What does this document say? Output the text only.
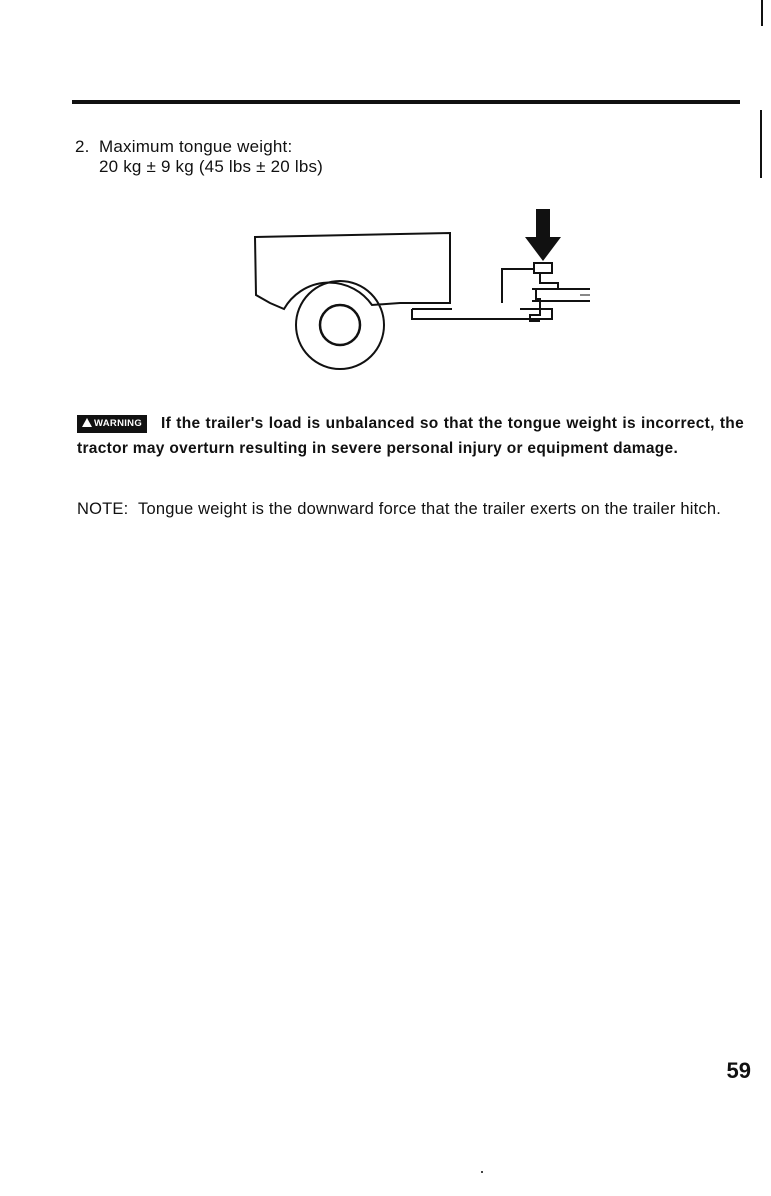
2. Maximum tongue weight:
20 kg ± 9 kg (45 lbs ± 20 lbs)
WARNING If the trailer's load is unbalanced so that the tongue weight is incorrect, the tractor may overturn resulting in severe personal injury or equipment damage.
NOTE: Tongue weight is the downward force that the trailer exerts on the trailer hitch.
59
